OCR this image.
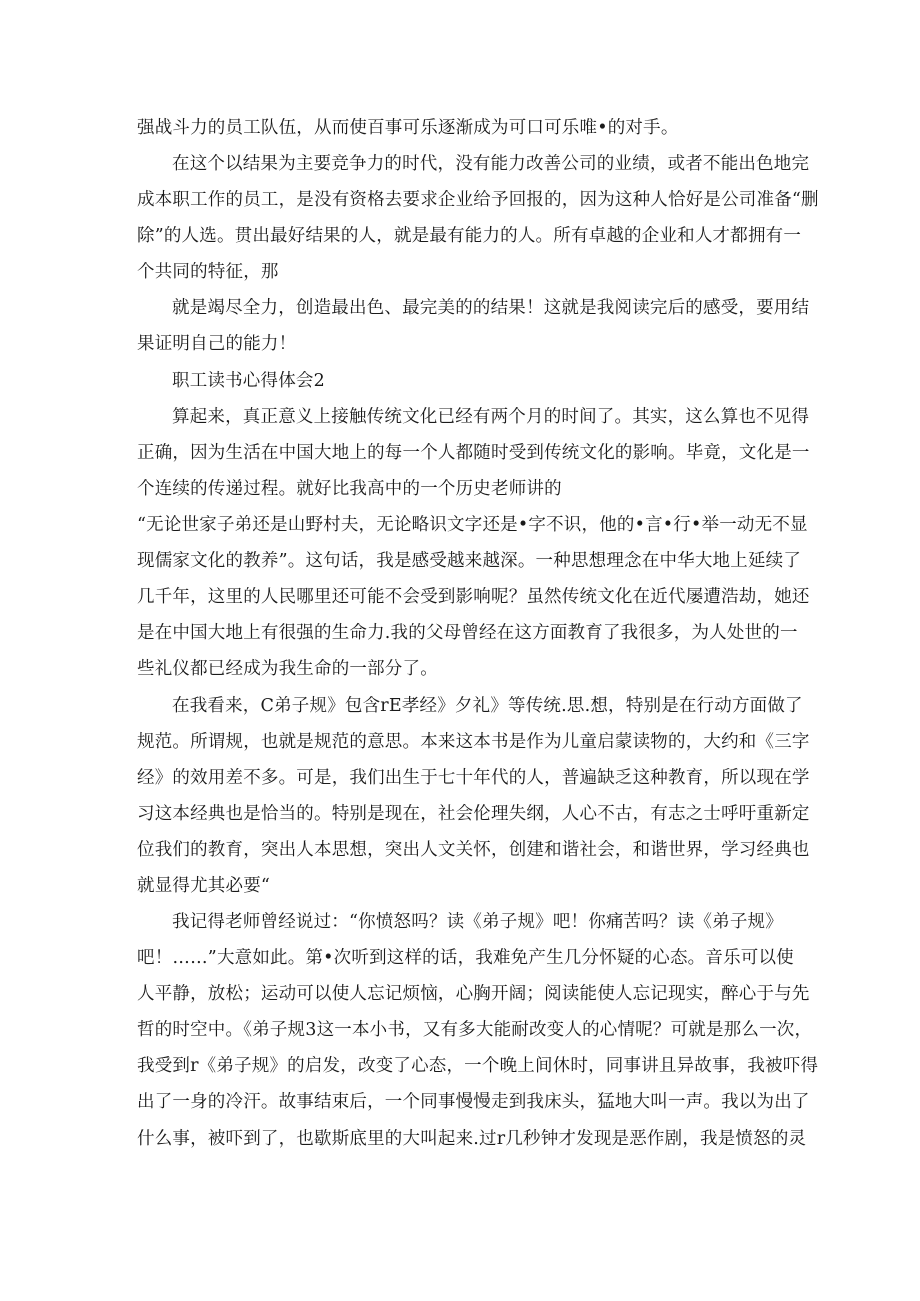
强战斗力的员工队伍，从而使百事可乐逐渐成为可口可乐唯•的对手。
在这个以结果为主要竞争力的时代，没有能力改善公司的业绩，或者不能出色地完
成本职工作的员工，是没有资格去要求企业给予回报的，因为这种人恰好是公司准备“删
除”的人选。贯出最好结果的人，就是最有能力的人。所有卓越的企业和人才都拥有一
个共同的特征，那
就是竭尽全力，创造最出色、最完美的的结果！这就是我阅读完后的感受，要用结
果证明自己的能力！
职工读书心得体会2
算起来，真正意义上接触传统文化已经有两个月的时间了。其实，这么算也不见得
正确，因为生活在中国大地上的每一个人都随时受到传统文化的影响。毕竟，文化是一
个连续的传递过程。就好比我高中的一个历史老师讲的
“无论世家子弟还是山野村夫，无论略识文字还是•字不识，他的•言•行•举一动无不显
现儒家文化的教养”。这句话，我是感受越来越深。一种思想理念在中华大地上延续了
几千年，这里的人民哪里还可能不会受到影响呢？虽然传统文化在近代屡遭浩劫，她还
是在中国大地上有很强的生命力.我的父母曾经在这方面教育了我很多，为人处世的一
些礼仪都已经成为我生命的一部分了。
在我看来，C弟子规》包含rE孝经》夕礼》等传统.思.想，特别是在行动方面做了
规范。所谓规，也就是规范的意思。本来这本书是作为儿童启蒙读物的，大约和《三字
经》的效用差不多。可是，我们出生于七十年代的人，普遍缺乏这种教育，所以现在学
习这本经典也是恰当的。特别是现在，社会伦理失纲，人心不古，有志之士呼吁重新定
位我们的教育，突出人本思想，突出人文关怀，创建和谐社会，和谐世界，学习经典也
就显得尤其必要“
我记得老师曾经说过：“你愤怒吗？读《弟子规》吧！你痛苦吗？读《弟子规》
吧！……”大意如此。第•次听到这样的话，我难免产生几分怀疑的心态。音乐可以使
人平静，放松；运动可以使人忘记烦恼，心胸开阔；阅读能使人忘记现实，醉心于与先
哲的时空中。《弟子规3这一本小书，又有多大能耐改变人的心情呢？可就是那么一次，
我受到r《弟子规》的启发，改变了心态，一个晚上间休时，同事讲且异故事，我被吓得
出了一身的冷汗。故事结束后，一个同事慢慢走到我床头，猛地大叫一声。我以为出了
什么事，被吓到了，也歇斯底里的大叫起来.过r几秒钟才发现是恶作剧，我是愤怒的灵
